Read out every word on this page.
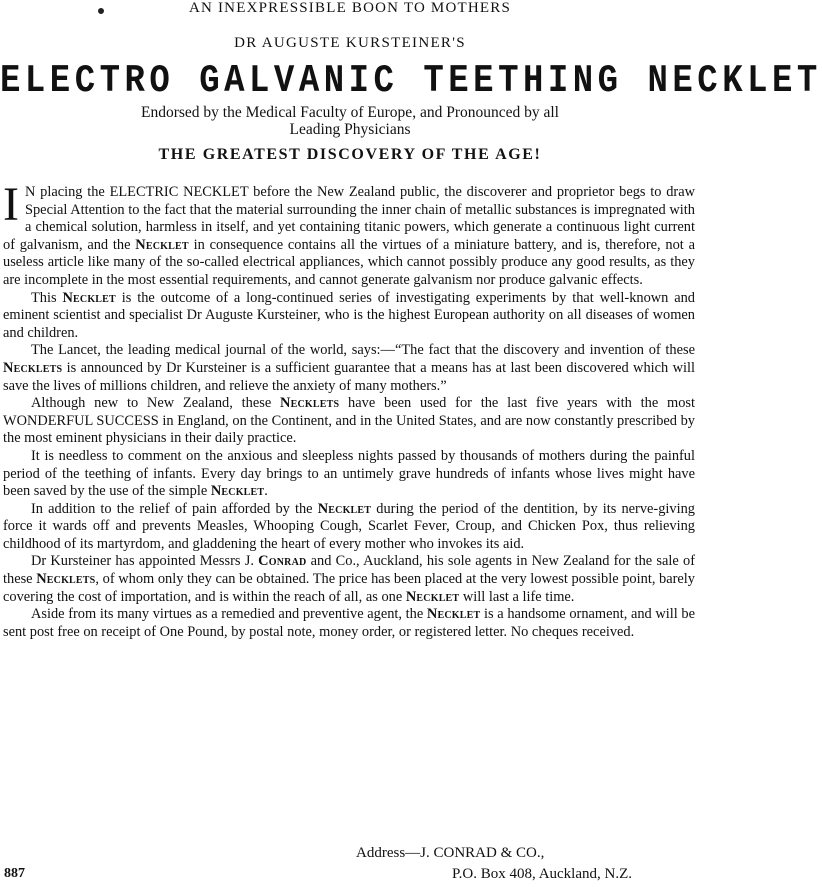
AN INEXPRESSIBLE BOON TO MOTHERS
DR AUGUSTE KURSTEINER'S
ELECTRO GALVANIC TEETHING NECKLET
Endorsed by the Medical Faculty of Europe, and Pronounced by all
Leading Physicians
THE GREATEST DISCOVERY OF THE AGE!

I N placing the ELECTRIC NECKLET before the New Zealand public, the discoverer and proprietor begs to draw Special Attention to the fact that the material surrounding the inner chain of metallic substances is impregnated with a chemical solution, harmless in itself, and yet containing titanic powers, which generate a continuous light current of galvanism, and the Necklet in consequence contains all the virtues of a miniature battery, and is, therefore, not a useless article like many of the so-called electrical appliances, which cannot possibly produce any good results, as they are incomplete in the most essential requirements, and cannot generate galvanism nor produce galvanic effects.

This Necklet is the outcome of a long-continued series of investigating experiments by that well-known and eminent scientist and specialist Dr Auguste Kursteiner, who is the highest European authority on all diseases of women and children.

The Lancet, the leading medical journal of the world, says:—“The fact that the discovery and invention of these Necklets is announced by Dr Kursteiner is a sufficient guarantee that a means has at last been discovered which will save the lives of millions children, and relieve the anxiety of many mothers.”

Although new to New Zealand, these Necklets have been used for the last five years with the most WONDERFUL SUCCESS in England, on the Continent, and in the United States, and are now constantly prescribed by the most eminent physicians in their daily practice.

It is needless to comment on the anxious and sleepless nights passed by thousands of mothers during the painful period of the teething of infants. Every day brings to an untimely grave hundreds of infants whose lives might have been saved by the use of the simple Necklet.

In addition to the relief of pain afforded by the Necklet during the period of the dentition, by its nerve-giving force it wards off and prevents Measles, Whooping Cough, Scarlet Fever, Croup, and Chicken Pox, thus relieving childhood of its martyrdom, and gladdening the heart of every mother who invokes its aid.

Dr Kursteiner has appointed Messrs J. Conrad and Co., Auckland, his sole agents in New Zealand for the sale of these Necklets, of whom only they can be obtained. The price has been placed at the very lowest possible point, barely covering the cost of importation, and is within the reach of all, as one Necklet will last a life time.

Aside from its many virtues as a remedied and preventive agent, the Necklet is a handsome ornament, and will be sent post free on receipt of One Pound, by postal note, money order, or registered letter. No cheques received.

Address—J. CONRAD & CO.,
887	P.O. Box 408, Auckland, N.Z.
